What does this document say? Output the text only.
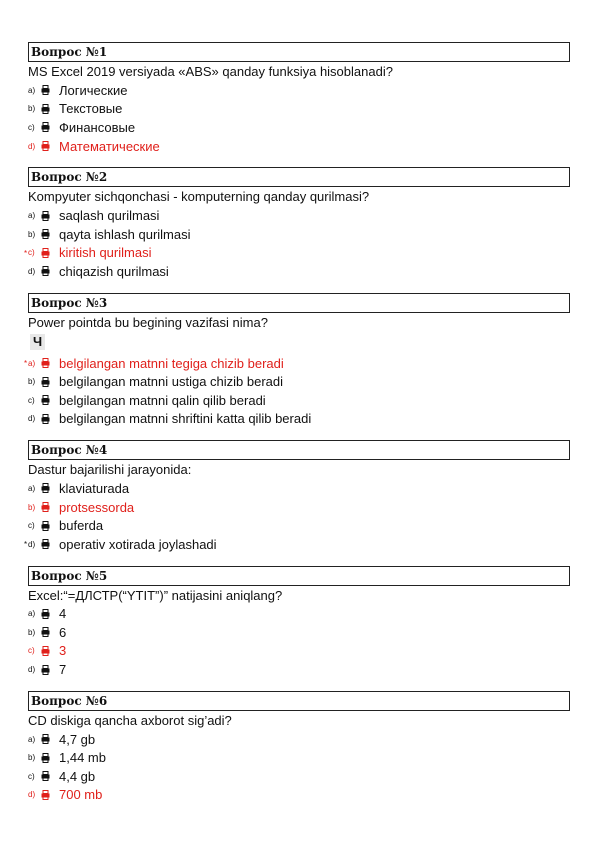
Вопрос №1
MS Excel 2019 versiyada «ABS» qanday funksiya hisoblanadi?
a)	Логические
b)	Текстовые
c)	Финансовые
d)	Математические
Вопрос №2
Kompyuter sichqonchasi - komputerning qanday qurilmasi?
a)	saqlash qurilmasi
b)	qayta ishlash qurilmasi
* c)	kiritish qurilmasi
d)	chiqazish qurilmasi
Вопрос №3
Power pointda bu begining vazifasi nima?
Ч
* a)	belgilangan matnni tegiga chizib beradi
b)	belgilangan matnni ustiga chizib beradi
c)	belgilangan matnni qalin qilib beradi
d)	belgilangan matnni shriftini katta qilib beradi
Вопрос №4
Dastur bajarilishi jarayonida:
a)	klaviaturada
b)	protsessorda
c)	buferda
* d)	operativ xotirada joylashadi
Вопрос №5
Excel:“=ДЛСТР(“YTIT”)” natijasini aniqlang?
a)	4
b)	6
c)	3
d)	7
Вопрос №6
CD diskiga qancha axborot sig’adi?
a)	4,7 gb
b)	1,44 mb
c)	4,4 gb
d)	700 mb
